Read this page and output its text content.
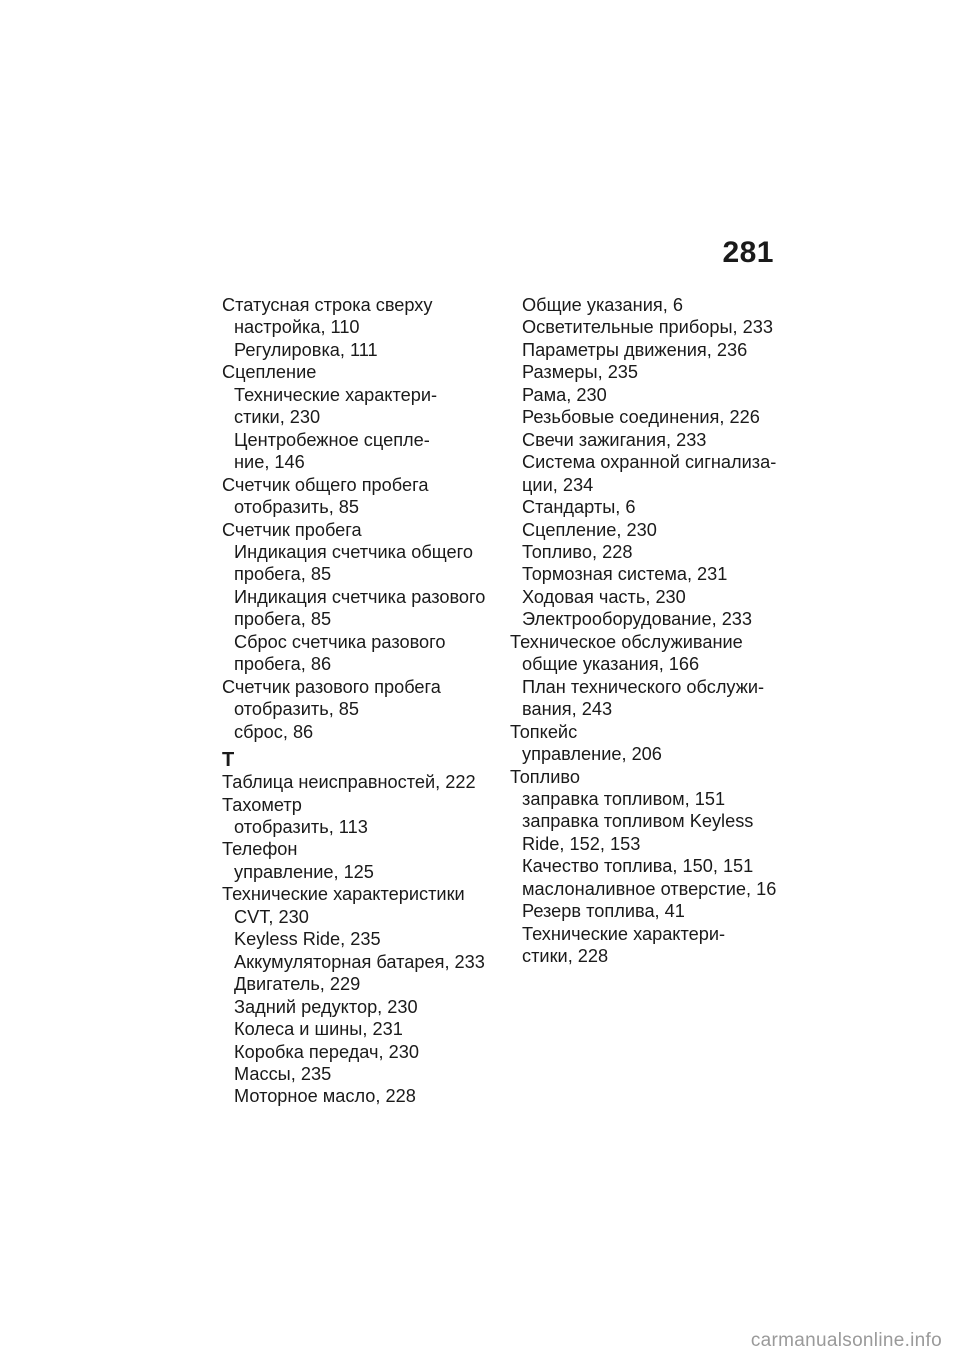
281
Статусная строка сверху
настройка, 110
Регулировка, 111
Сцепление
Технические характери-
стики, 230
Центробежное сцепле-
ние, 146
Счетчик общего пробега
отобразить, 85
Счетчик пробега
Индикация счетчика общего
пробега, 85
Индикация счетчика разового
пробега, 85
Сброс счетчика разового
пробега, 86
Счетчик разового пробега
отобразить, 85
сброс, 86
Т
Таблица неисправностей, 222
Тахометр
отобразить, 113
Телефон
управление, 125
Технические характеристики
CVT, 230
Keyless Ride, 235
Аккумуляторная батарея, 233
Двигатель, 229
Задний редуктор, 230
Колеса и шины, 231
Коробка передач, 230
Массы, 235
Моторное масло, 228
Общие указания, 6
Осветительные приборы, 233
Параметры движения, 236
Размеры, 235
Рама, 230
Резьбовые соединения, 226
Свечи зажигания, 233
Система охранной сигнализа-
ции, 234
Стандарты, 6
Сцепление, 230
Топливо, 228
Тормозная система, 231
Ходовая часть, 230
Электрооборудование, 233
Техническое обслуживание
общие указания, 166
План технического обслужи-
вания, 243
Топкейс
управление, 206
Топливо
заправка топливом, 151
заправка топливом Keyless
Ride, 152, 153
Качество топлива, 150, 151
маслоналивное отверстие, 16
Резерв топлива, 41
Технические характери-
стики, 228
carmanualsonline.info
